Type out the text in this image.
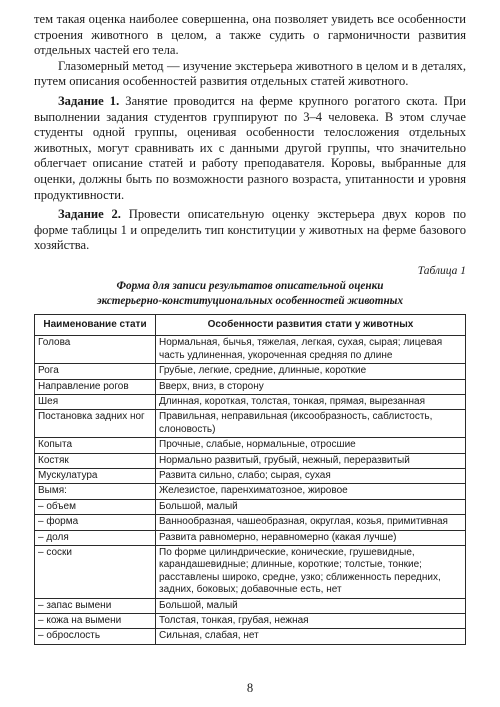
тем такая оценка наиболее совершенна, она позволяет увидеть все особенности строения животного в целом, а также судить о гармоничности развития отдельных частей его тела.

Глазомерный метод — изучение экстерьера животного в целом и в деталях, путем описания особенностей развития отдельных статей животного.

Задание 1. Занятие проводится на ферме крупного рогатого скота. При выполнении задания студентов группируют по 3–4 человека. В этом случае студенты одной группы, оценивая особенности телосложения отдельных животных, могут сравнивать их с данными другой группы, что значительно облегчает описание статей и работу преподавателя. Коровы, выбранные для оценки, должны быть по возможности разного возраста, упитанности и уровня продуктивности.

Задание 2. Провести описательную оценку экстерьера двух коров по форме таблицы 1 и определить тип конституции у животных на ферме базового хозяйства.

Таблица 1
Форма для записи результатов описательной оценки
экстерьерно-конституциональных особенностей животных
Наименование стати	Особенности развития стати у животных
Голова	Нормальная, бычья, тяжелая, легкая, сухая, сырая; лицевая часть удлиненная, укороченная средняя по длине
Рога	Грубые, легкие, средние, длинные, короткие
Направление рогов	Вверх, вниз, в сторону
Шея	Длинная, короткая, толстая, тонкая, прямая, вырезанная
Постановка задних ног	Правильная, неправильная (иксообразность, саблистость, слоновость)
Копыта	Прочные, слабые, нормальные, отросшие
Костяк	Нормально развитый, грубый, нежный, переразвитый
Мускулатура	Развита сильно, слабо; сырая, сухая
Вымя:	Железистое, паренхиматозное, жировое
– объем	Большой, малый
– форма	Ваннообразная, чашеобразная, округлая, козья, примитивная
– доля	Развита равномерно, неравномерно (какая лучше)
– соски	По форме цилиндрические, конические, грушевидные, карандашевидные; длинные, короткие; толстые, тонкие; расставлены широко, средне, узко; сближенность передних, задних, боковых; добавочные есть, нет
– запас вымени	Большой, малый
– кожа на вымени	Толстая, тонкая, грубая, нежная
– оброслость	Сильная, слабая, нет
8
